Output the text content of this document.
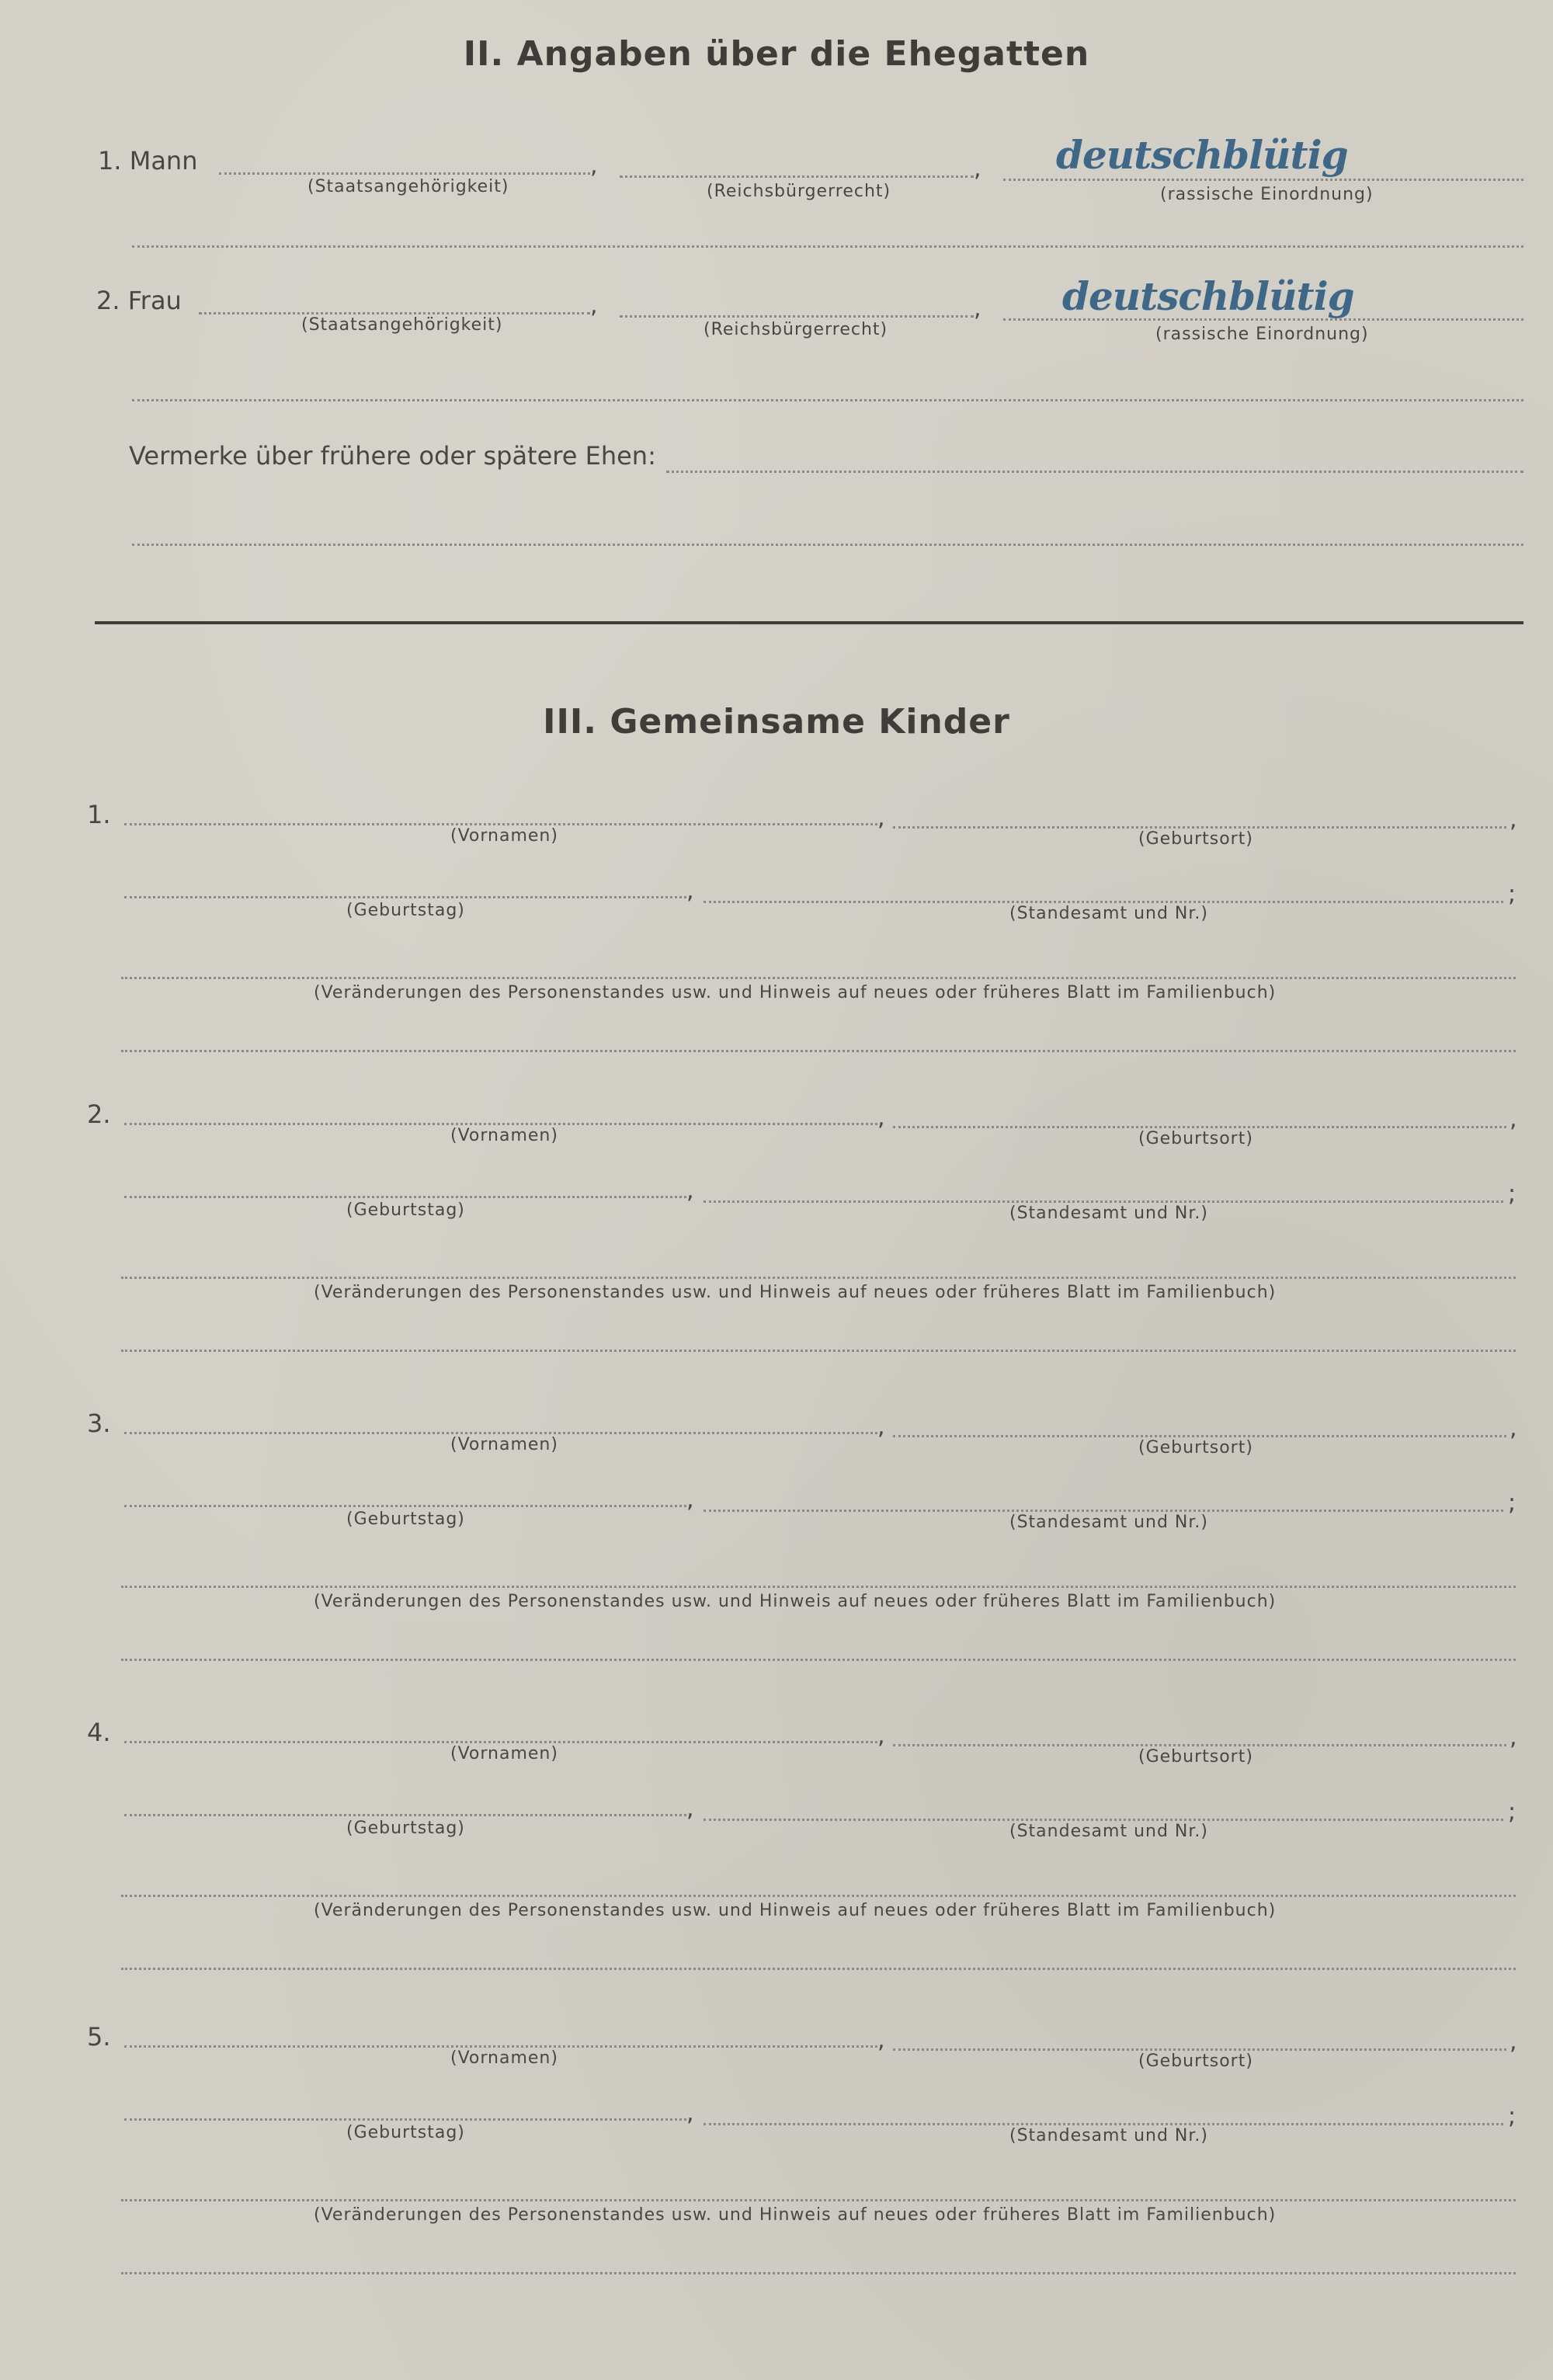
II. Angaben über die Ehegatten
1. Mann	,	, deutschblütig
(Staatsangehörigkeit)	(Reichsbürgerrecht)	(rassische Einordnung)
2. Frau	,	, deutschblütig
(Staatsangehörigkeit)	(Reichsbürgerrecht)	(rassische Einordnung)
Vermerke über frühere oder spätere Ehen:
III. Gemeinsame Kinder
1.	,	,
(Vornamen)	(Geburtsort)
,	;
(Geburtstag)	(Standesamt und Nr.)
(Veränderungen des Personenstandes usw. und Hinweis auf neues oder früheres Blatt im Familienbuch)
2.	,	,
(Vornamen)	(Geburtsort)
,	;
(Geburtstag)	(Standesamt und Nr.)
(Veränderungen des Personenstandes usw. und Hinweis auf neues oder früheres Blatt im Familienbuch)
3.	,	,
(Vornamen)	(Geburtsort)
,	;
(Geburtstag)	(Standesamt und Nr.)
(Veränderungen des Personenstandes usw. und Hinweis auf neues oder früheres Blatt im Familienbuch)
4.	,	,
(Vornamen)	(Geburtsort)
,	;
(Geburtstag)	(Standesamt und Nr.)
(Veränderungen des Personenstandes usw. und Hinweis auf neues oder früheres Blatt im Familienbuch)
5.	,	,
(Vornamen)	(Geburtsort)
,	;
(Geburtstag)	(Standesamt und Nr.)
(Veränderungen des Personenstandes usw. und Hinweis auf neues oder früheres Blatt im Familienbuch)
